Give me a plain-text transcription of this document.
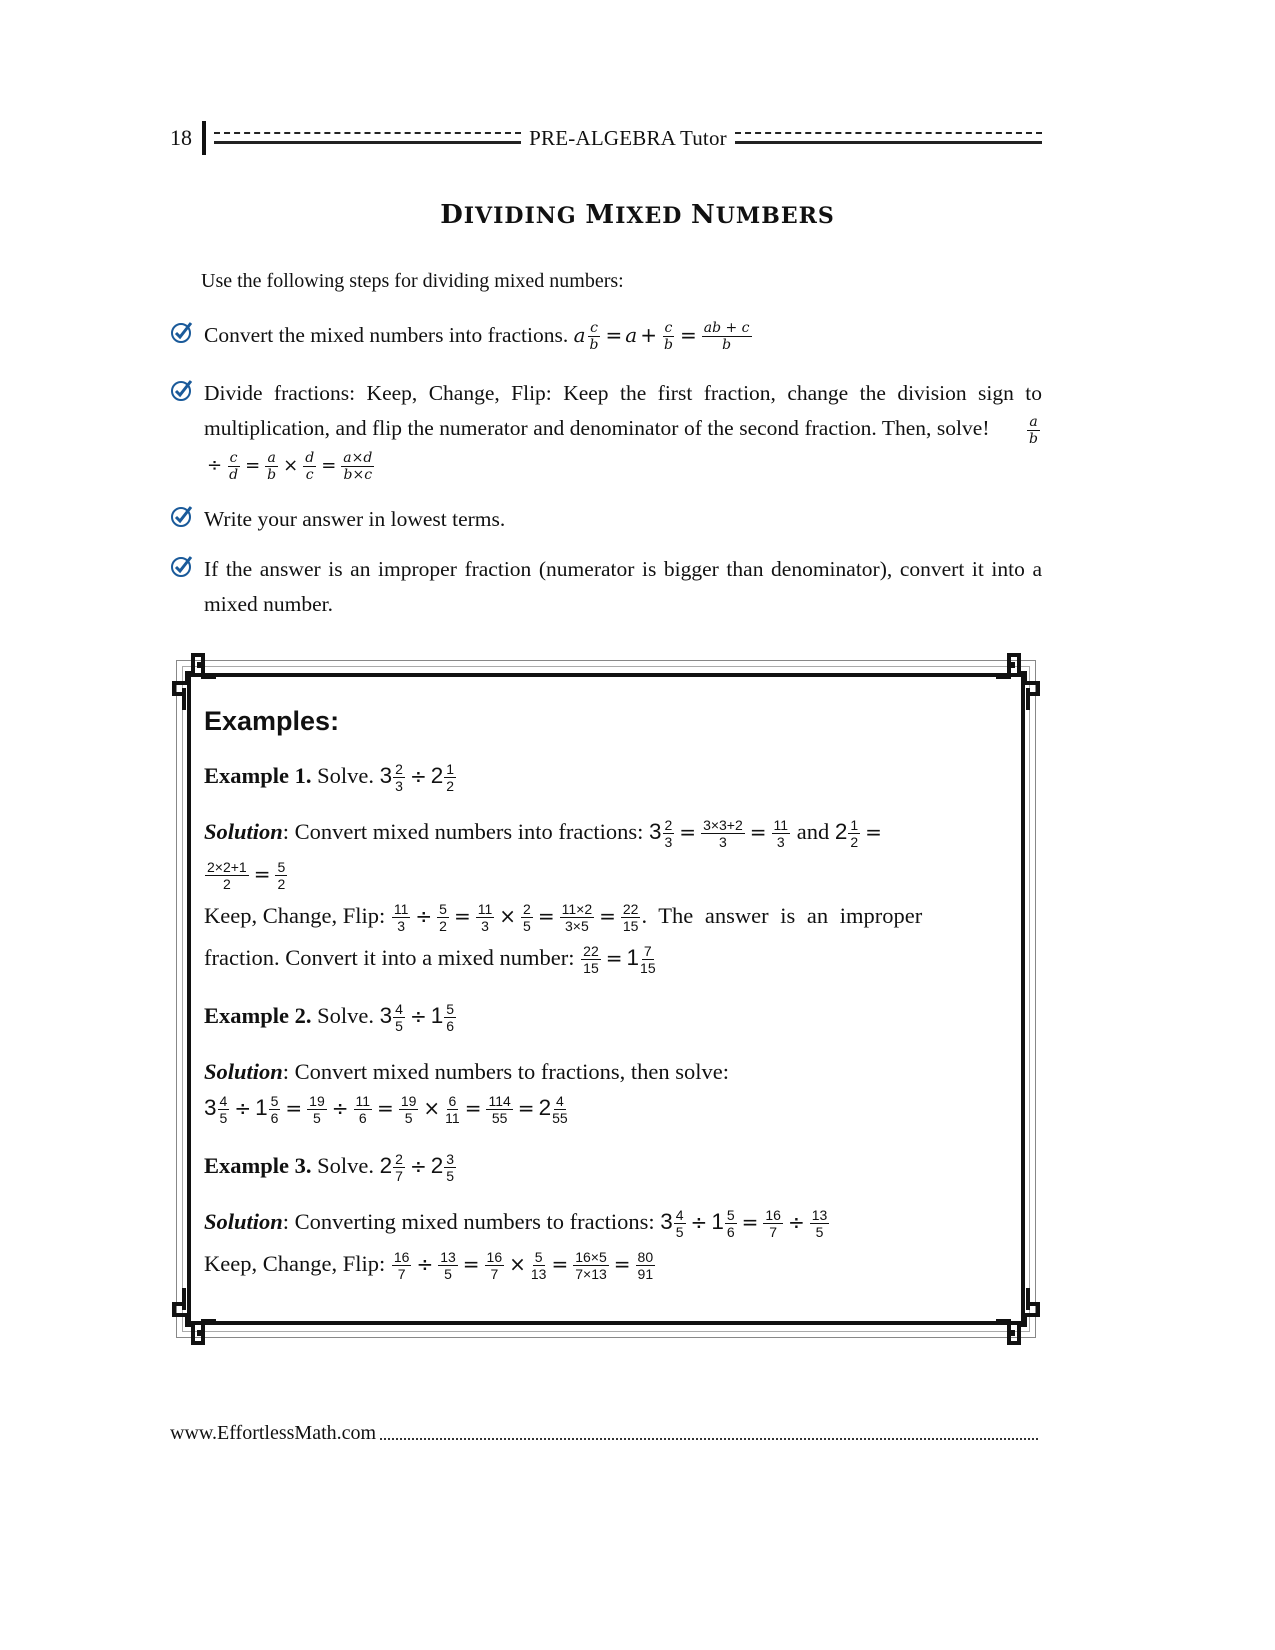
18	PRE-ALGEBRA Tutor
DIVIDING MIXED NUMBERS
Use the following steps for dividing mixed numbers:
Convert the mixed numbers into fractions. a $\frac{c}{b} = a + \frac{c}{b} = \frac{ab + c}{b}$
Divide fractions: Keep, Change, Flip: Keep the first fraction, change the division sign to multiplication, and flip the numerator and denominator of the second fraction. Then, solve!	$\frac{a}{b}$
÷ $\frac{c}{d} = \frac{a}{b} \times \frac{d}{c} = \frac{a\times d}{b\times c}$
Write your answer in lowest terms.
If the answer is an improper fraction (numerator is bigger than denominator), convert it into a mixed number.
Examples:
Example 1. Solve. $3 \frac{2}{3} \div 2 \frac{1}{2}$
Solution: Convert mixed numbers into fractions: $3 \frac{2}{3} = \frac{3\times 3+2}{3} = \frac{11}{3}$ and $2 \frac{1}{2}$ =
$\frac{2\times 2+1}{2} = \frac{5}{2}$
Keep, Change, Flip: $\frac{11}{3} \div \frac{5}{2} = \frac{11}{3} \times \frac{2}{5} = \frac{11\times 2}{3\times 5} = \frac{22}{15}$ . The answer is an improper
fraction. Convert it into a mixed number: $\frac{22}{15} = 1 \frac{7}{15}$
Example 2. Solve. $3 \frac{4}{5} \div 1 \frac{5}{6}$
Solution: Convert mixed numbers to fractions, then solve:
$3 \frac{4}{5} \div 1 \frac{5}{6} = \frac{19}{5} \div \frac{11}{6} = \frac{19}{5} \times \frac{6}{11} = \frac{114}{55} = 2 \frac{4}{55}$
Example 3. Solve. $2 \frac{2}{7} \div 2 \frac{3}{5}$
Solution: Converting mixed numbers to fractions: $3 \frac{4}{5} \div 1 \frac{5}{6} = \frac{16}{7} \div \frac{13}{5}$
Keep, Change, Flip: $\frac{16}{7} \div \frac{13}{5} = \frac{16}{7} \times \frac{5}{13} = \frac{16\times 5}{7\times 13} = \frac{80}{91}$
www.EffortlessMath.com
